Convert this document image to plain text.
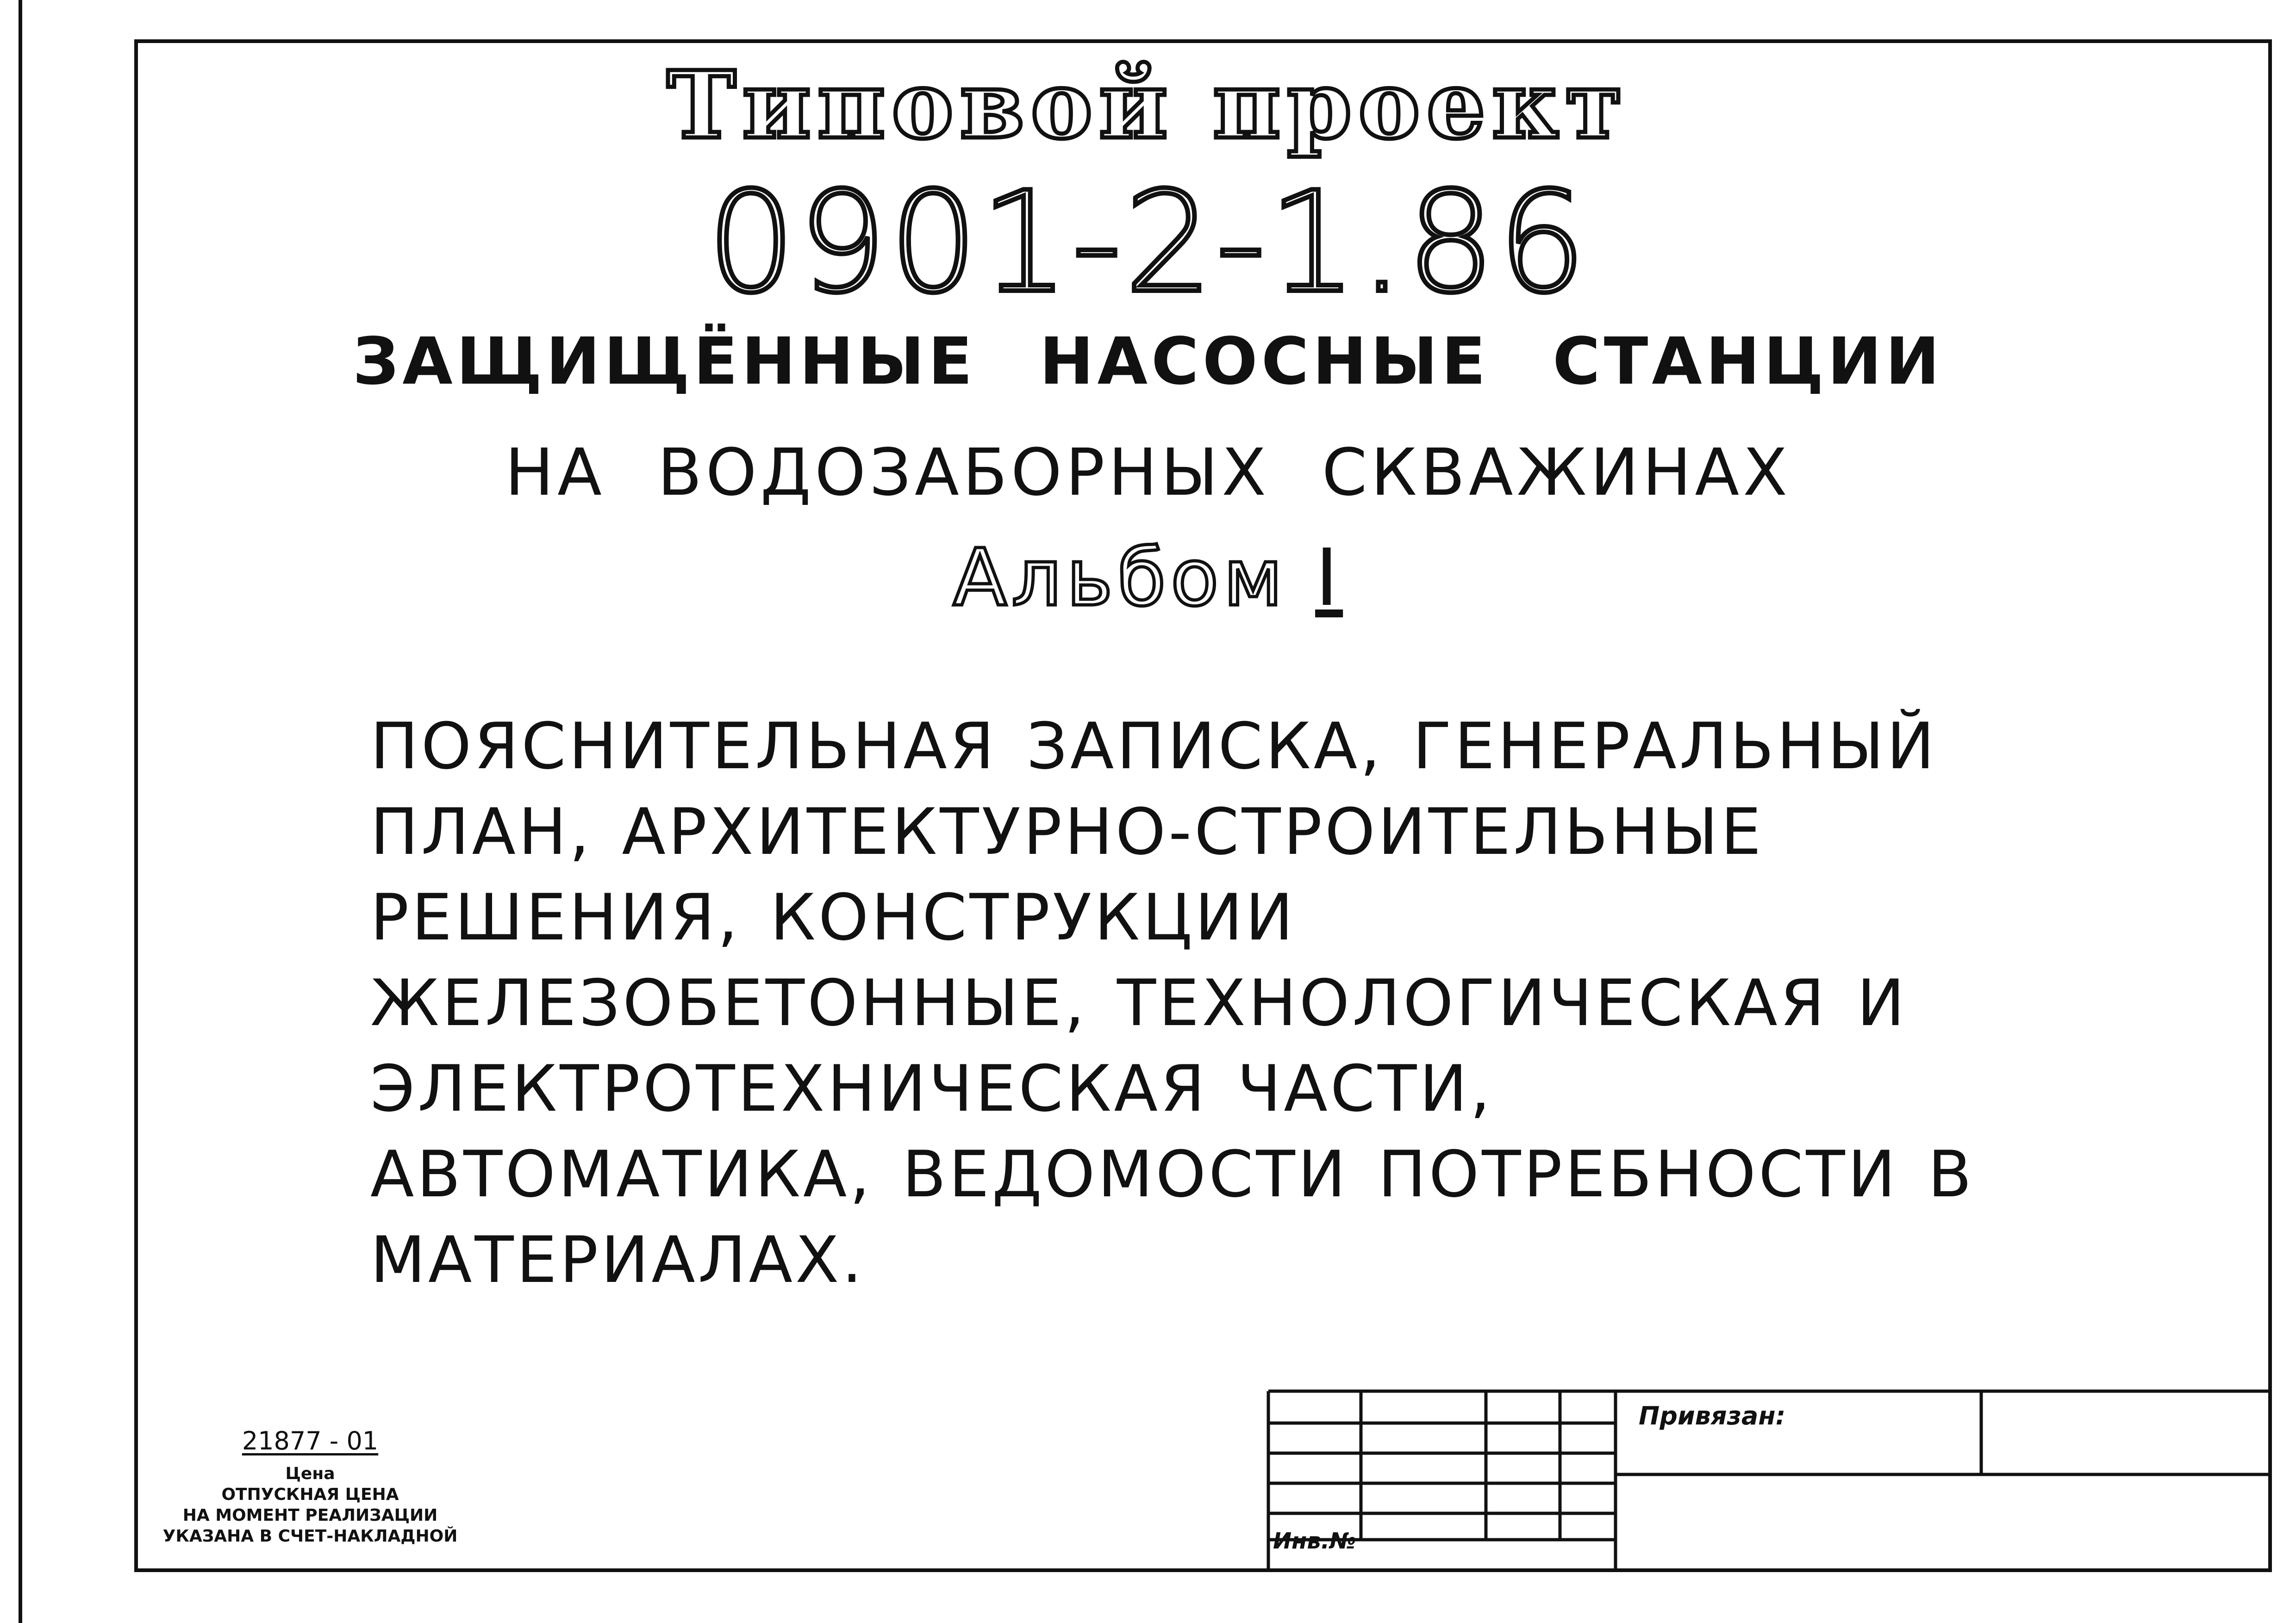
Типовой проект
0901-2-1.86
ЗАЩИЩЁННЫЕ НАСОСНЫЕ СТАНЦИИ
НА ВОДОЗАБОРНЫХ СКВАЖИНАХ
Альбом I
ПОЯСНИТЕЛЬНАЯ ЗАПИСКА, ГЕНЕРАЛЬНЫЙ ПЛАН, АРХИТЕКТУРНО-СТРОИТЕЛЬНЫЕ РЕШЕНИЯ, КОНСТРУКЦИИ ЖЕЛЕЗОБЕТОННЫЕ, ТЕХНОЛОГИЧЕСКАЯ И ЭЛЕКТРОТЕХНИЧЕСКАЯ ЧАСТИ, АВТОМАТИКА, ВЕДОМОСТИ ПОТРЕБНОСТИ В МАТЕРИАЛАХ.
21877 - 01
Цена
ОТПУСКНАЯ ЦЕНА
НА МОМЕНТ РЕАЛИЗАЦИИ
УКАЗАНА В СЧЕТ-НАКЛАДНОЙ
Привязан:
Инв.№
